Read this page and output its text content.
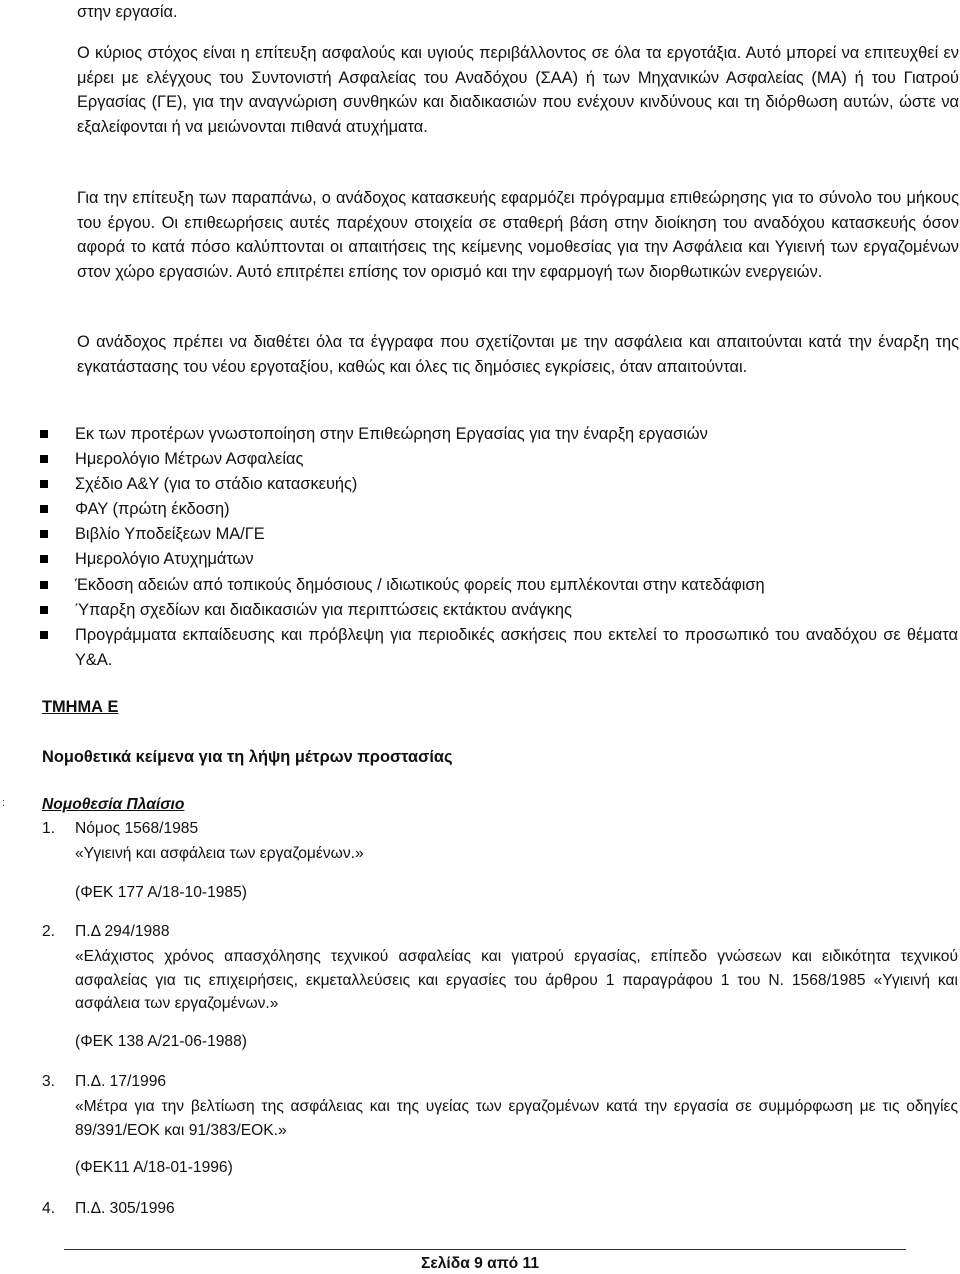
στην εργασία.

Ο κύριος στόχος είναι η επίτευξη ασφαλούς και υγιούς περιβάλλοντος σε όλα τα εργοτάξια. Αυτό μπορεί να επιτευχθεί εν μέρει με ελέγχους του Συντονιστή Ασφαλείας του Αναδόχου (ΣΑΑ) ή των Μηχανικών Ασφαλείας (ΜΑ) ή του Γιατρού Εργασίας (ΓΕ), για την αναγνώριση συνθηκών και διαδικασιών που ενέχουν κινδύνους και τη διόρθωση αυτών, ώστε να εξαλείφονται ή να μειώνονται πιθανά ατυχήματα.

Για την επίτευξη των παραπάνω, ο ανάδοχος κατασκευής εφαρμόζει πρόγραμμα επιθεώρησης για το σύνολο του μήκους του έργου. Οι επιθεωρήσεις αυτές παρέχουν στοιχεία σε σταθερή βάση στην διοίκηση του αναδόχου κατασκευής όσον αφορά το κατά πόσο καλύπτονται οι απαιτήσεις της κείμενης νομοθεσίας για την Ασφάλεια και Υγιεινή των εργαζομένων στον χώρο εργασιών. Αυτό επιτρέπει επίσης τον ορισμό και την εφαρμογή των διορθωτικών ενεργειών.

Ο ανάδοχος πρέπει να διαθέτει όλα τα έγγραφα που σχετίζονται με την ασφάλεια και απαιτούνται κατά την έναρξη της εγκατάστασης του νέου εργοταξίου, καθώς και όλες τις δημόσιες εγκρίσεις, όταν απαιτούνται.

Εκ των προτέρων γνωστοποίηση στην Επιθεώρηση Εργασίας για την έναρξη εργασιών
Ημερολόγιο Μέτρων Ασφαλείας
Σχέδιο Α&Υ (για το στάδιο κατασκευής)
ΦΑΥ (πρώτη έκδοση)
Βιβλίο Υποδείξεων ΜΑ/ΓΕ
Ημερολόγιο Ατυχημάτων
Έκδοση αδειών από τοπικούς δημόσιους / ιδιωτικούς φορείς που εμπλέκονται στην κατεδάφιση
Ύπαρξη σχεδίων και διαδικασιών για περιπτώσεις εκτάκτου ανάγκης
Προγράμματα εκπαίδευσης και πρόβλεψη για περιοδικές ασκήσεις που εκτελεί το προσωπικό του αναδόχου σε θέματα Υ&Α.

ΤΜΗΜΑ Ε

Νομοθετικά κείμενα για τη λήψη μέτρων προστασίας

: Νομοθεσία Πλαίσιο

1. Νόμος 1568/1985

«Υγιεινή και ασφάλεια των εργαζομένων.»

(ΦΕΚ 177 Α/18-10-1985)

2. Π.Δ 294/1988

«Ελάχιστος χρόνος απασχόλησης τεχνικού ασφαλείας και γιατρού εργασίας, επίπεδο γνώσεων και ειδικότητα τεχνικού ασφαλείας για τις επιχειρήσεις, εκμεταλλεύσεις και εργασίες του άρθρου 1 παραγράφου 1 του Ν. 1568/1985 «Υγιεινή και ασφάλεια των εργαζομένων.»

(ΦΕΚ 138 Α/21-06-1988)

3. Π.Δ. 17/1996

«Μέτρα για την βελτίωση της ασφάλειας και της υγείας των εργαζομένων κατά την εργασία σε συμμόρφωση με τις οδηγίες 89/391/ΕΟΚ και 91/383/ΕΟΚ.»

(ΦΕΚ11 Α/18-01-1996)

4. Π.Δ. 305/1996

Σελίδα 9 από 11
